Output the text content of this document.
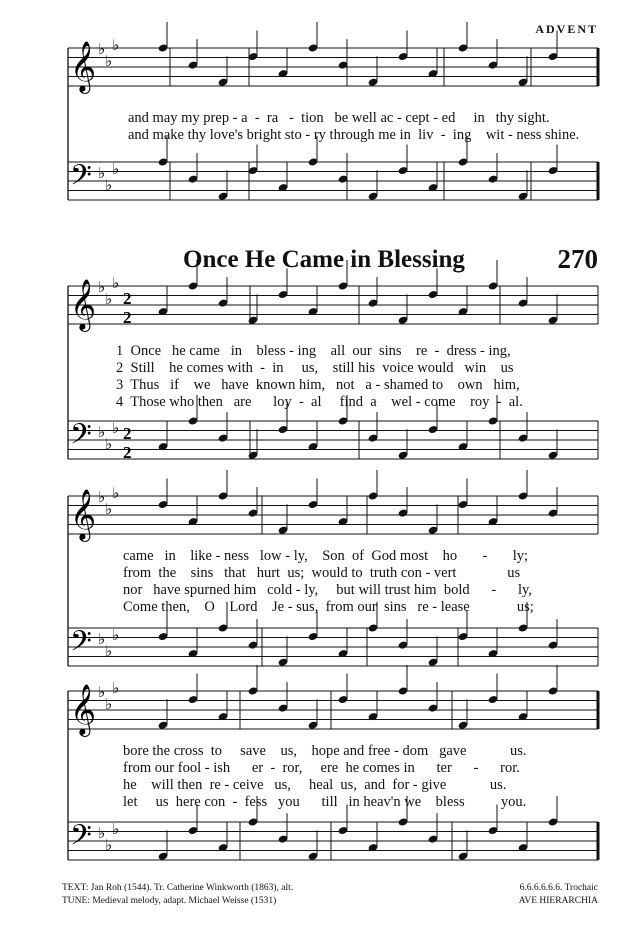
𝄞 ♭
♭
♭
𝄢 ♭
♭
♭
𝄞 ♭
♭
♭
2
2
𝄢 ♭
♭
♭ 2
2
𝄞 ♭
♭
♭
𝄢 ♭
♭
♭
𝄞 ♭
♭
♭
𝄢 ♭
♭
♭
ADVENT
Once He Came in Blessing	270
and may my prep - a  -  ra   -  tion   be well ac - cept - ed     in   thy sight.
and make thy love's bright sto - ry through me in  liv  -  ing    wit - ness shine.
1  Once   he came   in    bless - ing    all  our  sins    re  -  dress - ing,
2  Still    he comes with  -  in     us,    still his  voice would   win    us
3  Thus   if    we   have  known him,   not   a - shamed to    own   him,
4  Those who then   are      loy  -  al     find  a    wel - come    roy  -  al.
came   in    like - ness   low - ly,    Son  of  God most    ho       -       ly;
from  the    sins   that   hurt  us;  would to  truth con - vert              us
nor   have spurned him   cold - ly,     but will trust him  bold      -      ly,
Come then,    O    Lord    Je - sus,  from our  sins   re - lease             us;
bore the cross  to     save    us,    hope and free - dom   gave            us.
from our fool - ish      er  -  ror,     ere  he comes in      ter      -      ror.
he    will then  re - ceive   us,     heal  us,  and  for - give            us.
let     us  here con  -  fess   you      till   in heav'n we    bless          you.
TEXT: Jan Roh (1544). Tr. Catherine Winkworth (1863), alt.
TUNE: Medieval melody, adapt. Michael Weisse (1531)
6.6.6.6.6.6. Trochaic
AVE HIERARCHIA
